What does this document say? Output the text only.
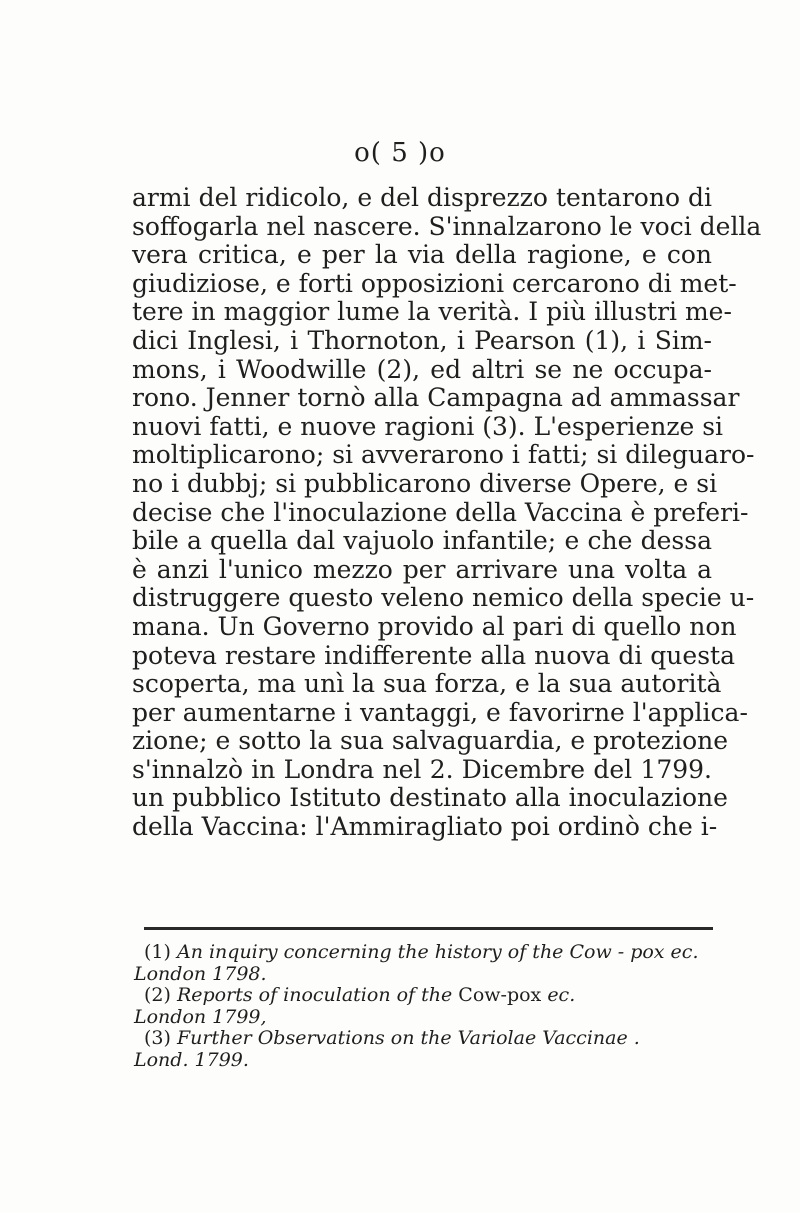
o( 5 )o
armi del ridicolo, e del disprezzo tentarono di
soffogarla nel nascere. S'innalzarono le voci della
vera critica, e per la via della ragione, e con
giudiziose, e forti opposizioni cercarono di met-
tere in maggior lume la verità. I più illustri me-
dici Inglesi, i Thornoton, i Pearson (1), i Sim-
mons, i Woodwille (2), ed altri se ne occupa-
rono. Jenner tornò alla Campagna ad ammassar
nuovi fatti, e nuove ragioni (3). L'esperienze si
moltiplicarono; si avverarono i fatti; si dileguaro-
no i dubbj; si pubblicarono diverse Opere, e si
decise che l'inoculazione della Vaccina è preferi-
bile a quella dal vajuolo infantile; e che dessa
è anzi l'unico mezzo per arrivare una volta a
distruggere questo veleno nemico della specie u-
mana. Un Governo provido al pari di quello non
poteva restare indifferente alla nuova di questa
scoperta, ma unì la sua forza, e la sua autorità
per aumentarne i vantaggi, e favorirne l'applica-
zione; e sotto la sua salvaguardia, e protezione
s'innalzò in Londra nel 2. Dicembre del 1799.
un pubblico Istituto destinato alla inoculazione
della Vaccina: l'Ammiragliato poi ordinò che i-
(1) An inquiry concerning the history of the Cow - pox ec.
London 1798.
(2) Reports of inoculation of the Cow-pox ec.
London 1799,
(3) Further Observations on the Variolae Vaccinae .
Lond. 1799.
